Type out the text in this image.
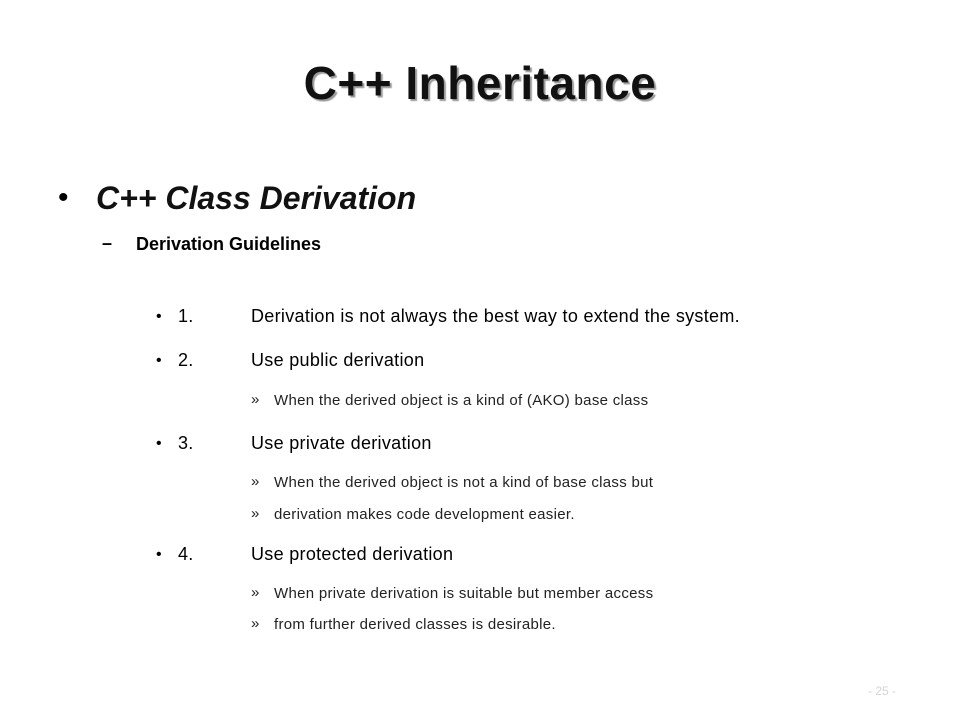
C++ Inheritance
• C++ Class Derivation
– Derivation Guidelines
• 1.	Derivation is not always the best way to extend the system.
• 2.	Use public derivation
» When the derived object is a kind of (AKO) base class
• 3.	Use private derivation
» When the derived object is not a kind of base class but
» derivation makes code development easier.
• 4.	Use protected derivation
» When private derivation is suitable but member access
» from further derived classes is desirable.
- 25 -
